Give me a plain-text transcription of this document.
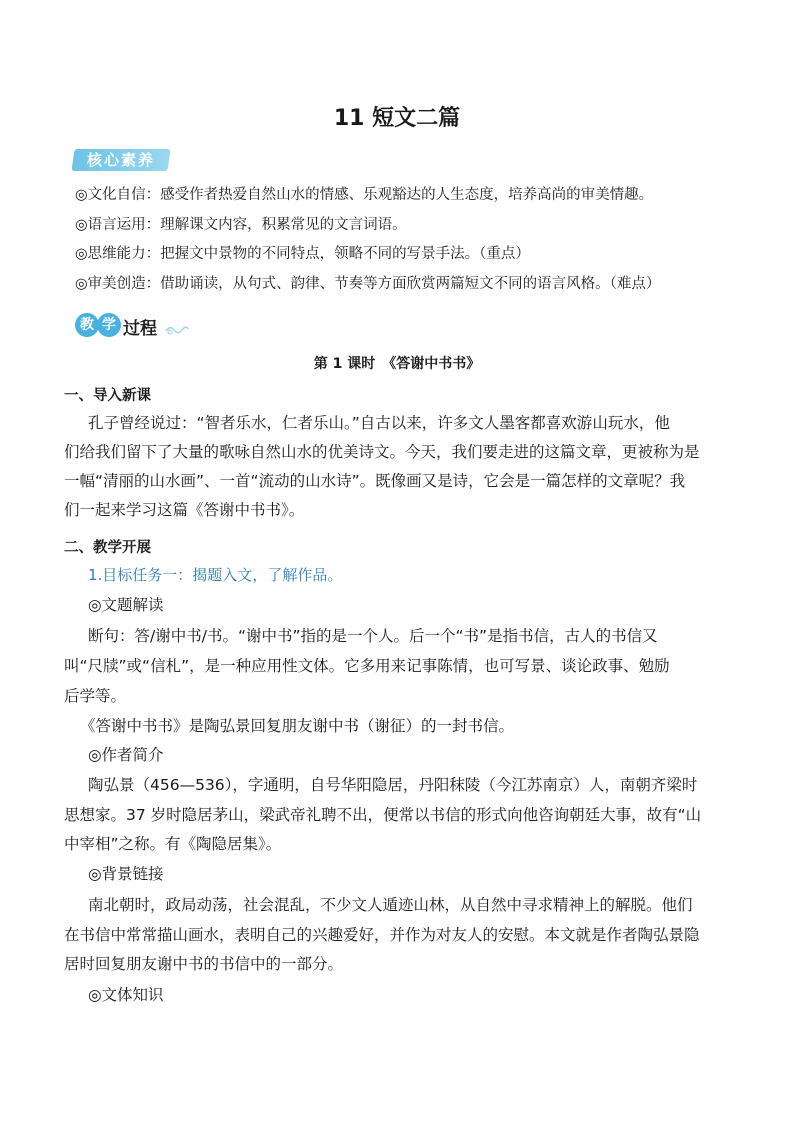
11 短文二篇
核心素养
◎文化自信：感受作者热爱自然山水的情感、乐观豁达的人生态度，培养高尚的审美情趣。
◎语言运用：理解课文内容，积累常见的文言词语。
◎思维能力：把握文中景物的不同特点，领略不同的写景手法。（重点）
◎审美创造：借助诵读，从句式、韵律、节奏等方面欣赏两篇短文不同的语言风格。（难点）
教 学 过程
第 1 课时　《答谢中书书》
一、导入新课
孔子曾经说过：“智者乐水，仁者乐山。”自古以来，许多文人墨客都喜欢游山玩水，他
们给我们留下了大量的歌咏自然山水的优美诗文。今天，我们要走进的这篇文章，更被称为是
一幅“清丽的山水画”、一首“流动的山水诗”。既像画又是诗，它会是一篇怎样的文章呢？我
们一起来学习这篇《答谢中书书》。
二、教学开展
1.目标任务一：揭题入文，了解作品。
◎文题解读
断句：答/谢中书/书。“谢中书”指的是一个人。后一个“书”是指书信，古人的书信又
叫“尺牍”或“信札”，是一种应用性文体。它多用来记事陈情，也可写景、谈论政事、勉励
后学等。
《答谢中书书》是陶弘景回复朋友谢中书（谢征）的一封书信。
◎作者简介
陶弘景（456—536），字通明，自号华阳隐居，丹阳秣陵（今江苏南京）人，南朝齐梁时
思想家。37 岁时隐居茅山，梁武帝礼聘不出，便常以书信的形式向他咨询朝廷大事，故有“山
中宰相”之称。有《陶隐居集》。
◎背景链接
南北朝时，政局动荡，社会混乱，不少文人遁迹山林，从自然中寻求精神上的解脱。他们
在书信中常常描山画水，表明自己的兴趣爱好，并作为对友人的安慰。本文就是作者陶弘景隐
居时回复朋友谢中书的书信中的一部分。
◎文体知识
